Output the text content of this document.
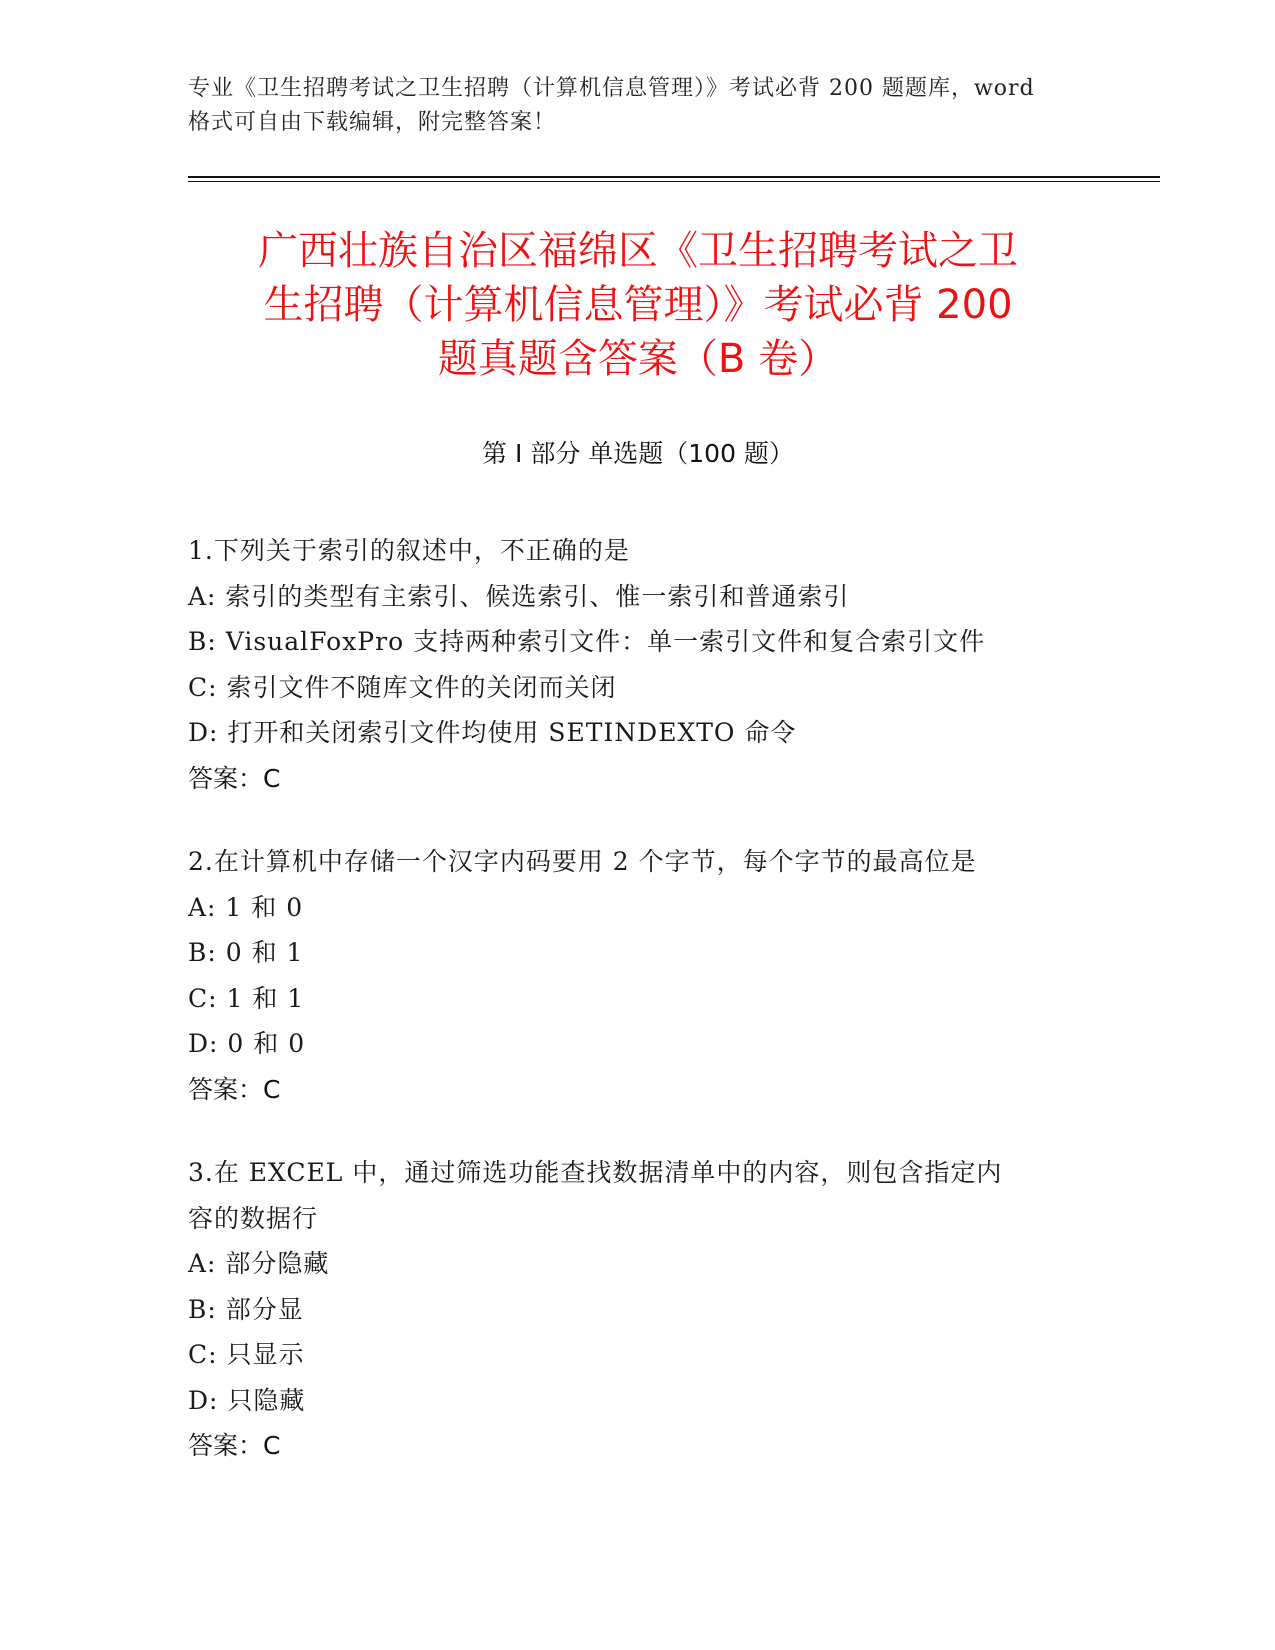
专业《卫生招聘考试之卫生招聘（计算机信息管理）》考试必背 200 题题库，word
格式可自由下载编辑，附完整答案！
广西壮族自治区福绵区《卫生招聘考试之卫
生招聘（计算机信息管理）》考试必背 200
题真题含答案（B 卷）
第 I 部分 单选题（100 题）
1.下列关于索引的叙述中，不正确的是
A: 索引的类型有主索引、候选索引、惟一索引和普通索引
B: VisualFoxPro 支持两种索引文件：单一索引文件和复合索引文件
C: 索引文件不随库文件的关闭而关闭
D: 打开和关闭索引文件均使用 SETINDEXTO 命令
答案：C
2.在计算机中存储一个汉字内码要用 2 个字节，每个字节的最高位是
A: 1 和 0
B: 0 和 1
C: 1 和 1
D: 0 和 0
答案：C
3.在 EXCEL 中，通过筛选功能查找数据清单中的内容，则包含指定内
容的数据行
A: 部分隐藏
B: 部分显
C: 只显示
D: 只隐藏
答案：C
